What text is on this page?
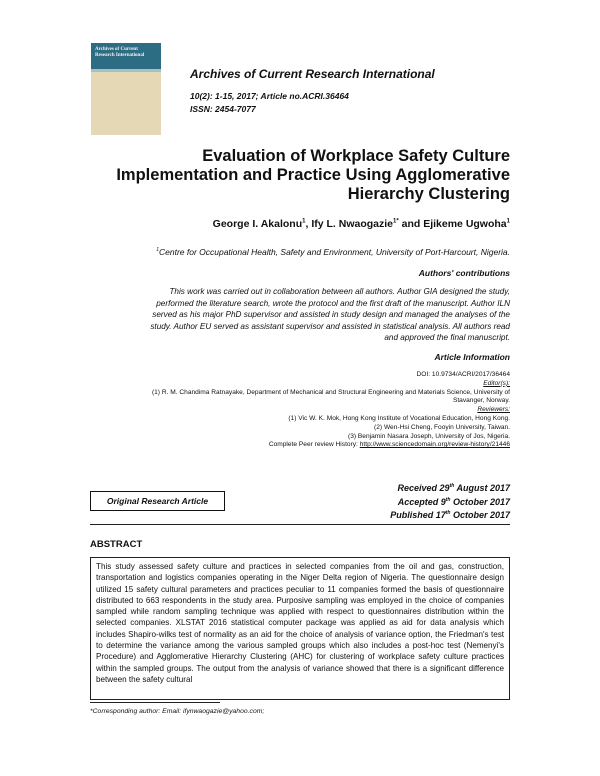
Archives of Current Research International
Archives of Current Research International
10(2): 1-15, 2017; Article no.ACRI.36464
ISSN: 2454-7077
Evaluation of Workplace Safety Culture
Implementation and Practice Using Agglomerative
Hierarchy Clustering
George I. Akalonu$^1$, Ify L. Nwaogazie$^{1*}$ and Ejikeme Ugwoha$^1$
$^1$Centre for Occupational Health, Safety and Environment, University of Port-Harcourt, Nigeria.
Authors' contributions
This work was carried out in collaboration between all authors. Author GIA designed the study,
performed the literature search, wrote the protocol and the first draft of the manuscript. Author ILN
served as his major PhD supervisor and assisted in study design and managed the analyses of the
study. Author EU served as assistant supervisor and assisted in statistical analysis. All authors read
and approved the final manuscript.
Article Information
DOI: 10.9734/ACRI/2017/36464
Editor(s):
(1) R. M. Chandima Ratnayake, Department of Mechanical and Structural Engineering and Materials Science, University of
Stavanger, Norway.
Reviewers:
(1) Vic W. K. Mok, Hong Kong Institute of Vocational Education, Hong Kong.
(2) Wen-Hsi Cheng, Fooyin University, Taiwan.
(3) Benjamin Nasara Joseph, University of Jos, Nigeria.
Complete Peer review History: http://www.sciencedomain.org/review-history/21446
Original Research Article
Received 29th August 2017
Accepted 9th October 2017
Published 17th October 2017
ABSTRACT
This study assessed safety culture and practices in selected companies from the oil and gas, construction, transportation and logistics companies operating in the Niger Delta region of Nigeria. The questionnaire design utilized 15 safety cultural parameters and practices peculiar to 11 companies formed the basis of questionnaire distributed to 663 respondents in the study area. Purposive sampling was employed in the choice of companies sampled while random sampling technique was applied with respect to questionnaires distribution within the selected companies. XLSTAT 2016 statistical computer package was applied as aid for data analysis which includes Shapiro-wilks test of normality as an aid for the choice of analysis of variance option, the Friedman's test to determine the variance among the various sampled groups which also includes a post-hoc test (Nemenyi's Procedure) and Agglomerative Hierarchy Clustering (AHC) for clustering of workplace safety culture practices within the sampled groups. The output from the analysis of variance showed that there is a significant difference between the safety cultural
*Corresponding author: Email: ifynwaogazie@yahoo.com;
